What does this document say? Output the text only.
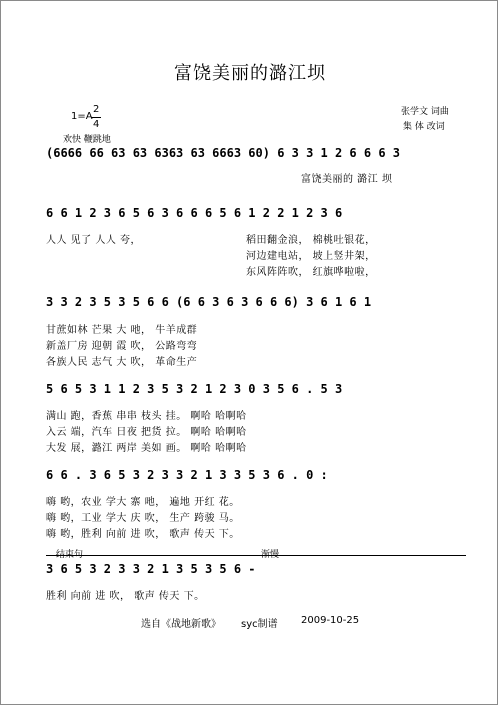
富饶美丽的潞江坝
1=A
2
4
欢快 鞭跳地
张学文 词曲
集 体 改词
(6666 66 63 63 6363 63 6663 60) 6 3 3 1 2 6 6 6 3
富饶美丽的 潞江 坝
6 6 1 2 3 6 5 6 3 6 6 6 5 6 1 2 2 1 2 3 6
人人 见了 人人 夸，	稻田翻金浪， 棉桃吐银花，
河边建电站， 坡上竖井架，
东风阵阵吹， 红旗哗啦啦，
3 3 2 3 5 3 5 6 6 (6 6 3 6 3 6 6 6) 3 6 1 6 1
甘蔗如林 芒果 大 吔， 牛羊成群
新盖厂房 迎朝 霞 吹， 公路弯弯
各族人民 志气 大 吹， 革命生产
5 6 5 3 1 1 2 3 5 3 2 1 2 3 0 3 5 6 . 5 3
满山 跑，香蕉 串串 枝头 挂。 啊哈 哈啊哈
入云 端，汽车 日夜 把货 拉。 啊哈 哈啊哈
大发 展，潞江 两岸 美如 画。 啊哈 哈啊哈
6 6 . 3 6 5 3 2 3 3 2 1 3 3 5 3 6 . 0 :
嗨 哟，农业 学大 寨 吔， 遍地 开红 花。
嗨 哟，工业 学大 庆 吹， 生产 跨骏 马。
嗨 哟，胜利 向前 进 吹， 歌声 传天 下。
结束句	渐慢
3 6 5 3 2 3 3 2 1 3 5 3 5 6 -
胜利 向前 进 吹， 歌声 传天 下。
选自《战地新歌》 syc制谱 2009-10-25
